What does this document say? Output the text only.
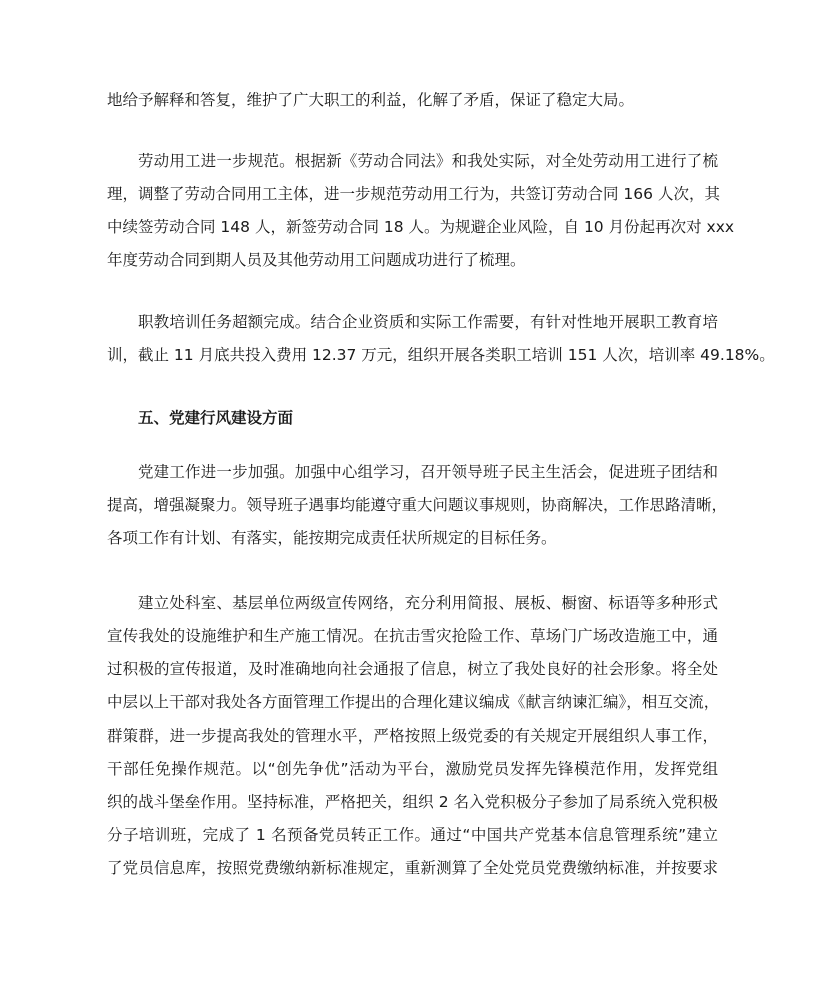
地给予解释和答复，维护了广大职工的利益，化解了矛盾，保证了稳定大局。
劳动用工进一步规范。根据新《劳动合同法》和我处实际，对全处劳动用工进行了梳
理，调整了劳动合同用工主体，进一步规范劳动用工行为，共签订劳动合同 166 人次，其
中续签劳动合同 148 人，新签劳动合同 18 人。为规避企业风险，自 10 月份起再次对 xxx
年度劳动合同到期人员及其他劳动用工问题成功进行了梳理。
职教培训任务超额完成。结合企业资质和实际工作需要，有针对性地开展职工教育培
训，截止 11 月底共投入费用 12.37 万元，组织开展各类职工培训 151 人次，培训率 49.18%。
五、党建行风建设方面
党建工作进一步加强。加强中心组学习，召开领导班子民主生活会，促进班子团结和
提高，增强凝聚力。领导班子遇事均能遵守重大问题议事规则，协商解决，工作思路清晰，
各项工作有计划、有落实，能按期完成责任状所规定的目标任务。
建立处科室、基层单位两级宣传网络，充分利用简报、展板、橱窗、标语等多种形式
宣传我处的设施维护和生产施工情况。在抗击雪灾抢险工作、草场门广场改造施工中，通
过积极的宣传报道，及时准确地向社会通报了信息，树立了我处良好的社会形象。将全处
中层以上干部对我处各方面管理工作提出的合理化建议编成《献言纳谏汇编》，相互交流，
群策群，进一步提高我处的管理水平，严格按照上级党委的有关规定开展组织人事工作，
干部任免操作规范。以“创先争优”活动为平台，激励党员发挥先锋模范作用，发挥党组
织的战斗堡垒作用。坚持标准，严格把关，组织 2 名入党积极分子参加了局系统入党积极
分子培训班，完成了 1 名预备党员转正工作。通过“中国共产党基本信息管理系统”建立
了党员信息库，按照党费缴纳新标准规定，重新测算了全处党员党费缴纳标准，并按要求
